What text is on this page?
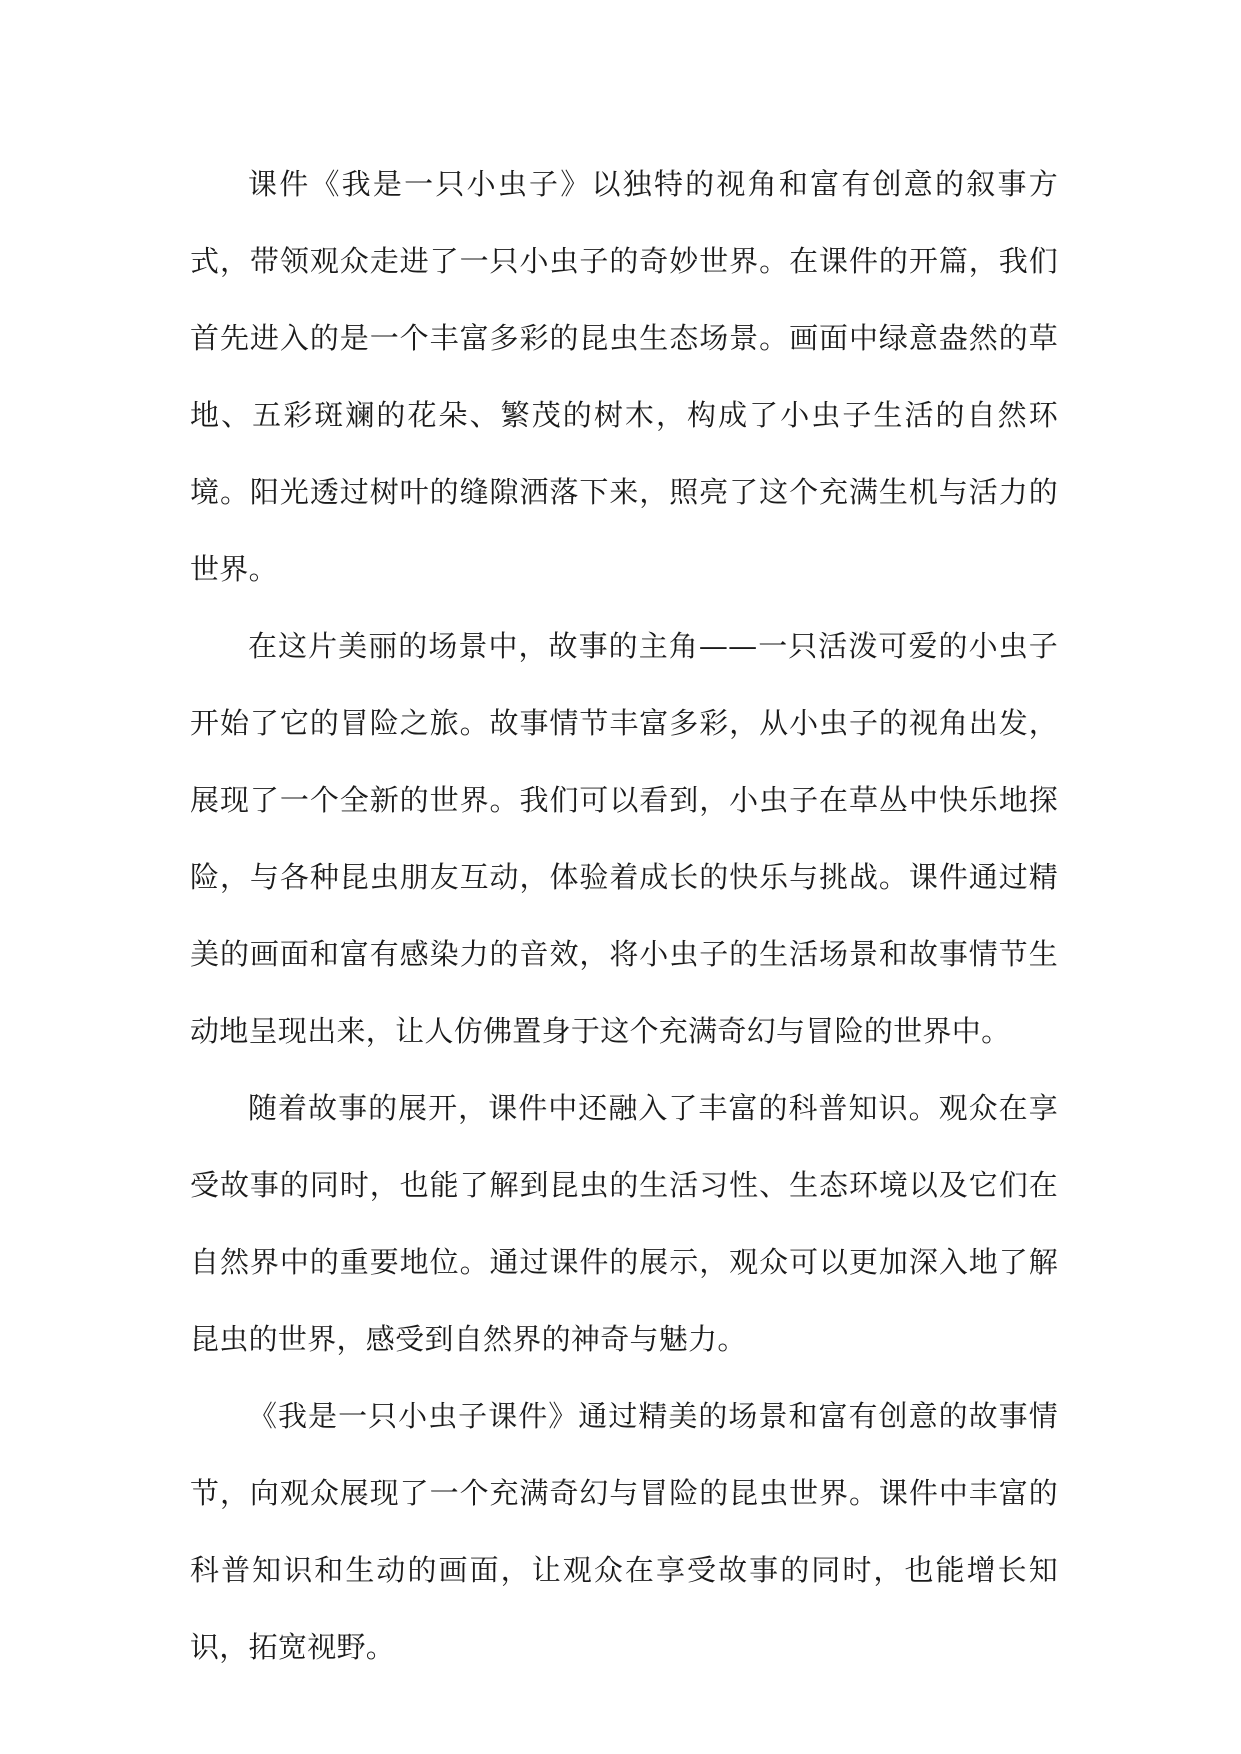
课件《我是一只小虫子》以独特的视角和富有创意的叙事方式，带领观众走进了一只小虫子的奇妙世界。在课件的开篇，我们首先进入的是一个丰富多彩的昆虫生态场景。画面中绿意盎然的草地、五彩斑斓的花朵、繁茂的树木，构成了小虫子生活的自然环境。阳光透过树叶的缝隙洒落下来，照亮了这个充满生机与活力的世界。

在这片美丽的场景中，故事的主角——一只活泼可爱的小虫子开始了它的冒险之旅。故事情节丰富多彩，从小虫子的视角出发，展现了一个全新的世界。我们可以看到，小虫子在草丛中快乐地探险，与各种昆虫朋友互动，体验着成长的快乐与挑战。课件通过精美的画面和富有感染力的音效，将小虫子的生活场景和故事情节生动地呈现出来，让人仿佛置身于这个充满奇幻与冒险的世界中。

随着故事的展开，课件中还融入了丰富的科普知识。观众在享受故事的同时，也能了解到昆虫的生活习性、生态环境以及它们在自然界中的重要地位。通过课件的展示，观众可以更加深入地了解昆虫的世界，感受到自然界的神奇与魅力。

《我是一只小虫子课件》通过精美的场景和富有创意的故事情节，向观众展现了一个充满奇幻与冒险的昆虫世界。课件中丰富的科普知识和生动的画面，让观众在享受故事的同时，也能增长知识，拓宽视野。
